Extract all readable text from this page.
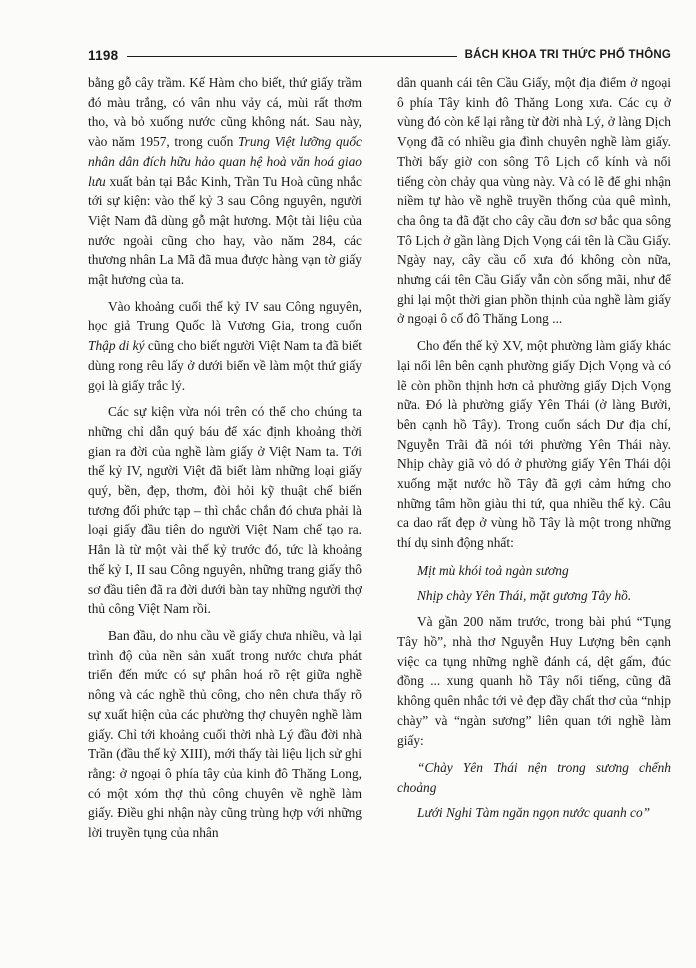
1198	BÁCH KHOA TRI THỨC PHỔ THÔNG

bằng gỗ cây trầm. Kế Hàm cho biết, thứ giấy trầm đó màu trắng, có vân nhu vảy cá, mùi rất thơm tho, và bỏ xuống nước cũng không nát. Sau này, vào năm 1957, trong cuốn Trung Việt lưỡng quốc nhân dân đích hữu hảo quan hệ hoà văn hoá giao lưu xuất bản tại Bắc Kinh, Trần Tu Hoà cũng nhắc tới sự kiện: vào thế kỷ 3 sau Công nguyên, người Việt Nam đã dùng gỗ mật hương. Một tài liệu của nước ngoài cũng cho hay, vào năm 284, các thương nhân La Mã đã mua được hàng vạn tờ giấy mật hương của ta.

Vào khoảng cuối thế kỷ IV sau Công nguyên, học giả Trung Quốc là Vương Gia, trong cuốn Thập di ký cũng cho biết người Việt Nam ta đã biết dùng rong rêu lấy ở dưới biển về làm một thứ giấy gọi là giấy trắc lý.

Các sự kiện vừa nói trên có thể cho chúng ta những chỉ dẫn quý báu để xác định khoảng thời gian ra đời của nghề làm giấy ở Việt Nam ta. Tới thế kỷ IV, người Việt đã biết làm những loại giấy quý, bền, đẹp, thơm, đòi hỏi kỹ thuật chế biến tương đối phức tạp – thì chắc chắn đó chưa phải là loại giấy đầu tiên do người Việt Nam chế tạo ra. Hẳn là từ một vài thế kỷ trước đó, tức là khoảng thế kỷ I, II sau Công nguyên, những trang giấy thô sơ đầu tiên đã ra đời dưới bàn tay những người thợ thủ công Việt Nam rồi.

Ban đầu, do nhu cầu về giấy chưa nhiều, và lại trình độ của nền sản xuất trong nước chưa phát triển đến mức có sự phân hoá rõ rệt giữa nghề nông và các nghề thủ công, cho nên chưa thấy rõ sự xuất hiện của các phường thợ chuyên nghề làm giấy. Chỉ tới khoảng cuối thời nhà Lý đầu đời nhà Trần (đầu thế kỷ XIII), mới thấy tài liệu lịch sử ghi rằng: ở ngoại ô phía tây của kinh đô Thăng Long, có một xóm thợ thủ công chuyên về nghề làm giấy. Điều ghi nhận này cũng trùng hợp với những lời truyền tụng của nhân

dân quanh cái tên Cầu Giấy, một địa điểm ở ngoại ô phía Tây kinh đô Thăng Long xưa. Các cụ ở vùng đó còn kể lại rằng từ đời nhà Lý, ở làng Dịch Vọng đã có nhiều gia đình chuyên nghề làm giấy. Thời bấy giờ con sông Tô Lịch cổ kính và nổi tiếng còn chảy qua vùng này. Và có lẽ để ghi nhận niềm tự hào về nghề truyền thống của quê mình, cha ông ta đã đặt cho cây cầu đơn sơ bắc qua sông Tô Lịch ở gần làng Dịch Vọng cái tên là Cầu Giấy. Ngày nay, cây cầu cổ xưa đó không còn nữa, nhưng cái tên Cầu Giấy vẫn còn sống mãi, như để ghi lại một thời gian phồn thịnh của nghề làm giấy ở ngoại ô cố đô Thăng Long ...

Cho đến thế kỷ XV, một phường làm giấy khác lại nổi lên bên cạnh phường giấy Dịch Vọng và có lẽ còn phồn thịnh hơn cả phường giấy Dịch Vọng nữa. Đó là phường giấy Yên Thái (ở làng Bưởi, bên cạnh hồ Tây). Trong cuốn sách Dư địa chí, Nguyễn Trãi đã nói tới phường Yên Thái này. Nhịp chày giã vỏ dó ở phường giấy Yên Thái dội xuống mặt nước hồ Tây đã gợi cảm hứng cho những tâm hồn giàu thi tứ, qua nhiều thế kỷ. Câu ca dao rất đẹp ở vùng hồ Tây là một trong những thí dụ sinh động nhất:

Mịt mù khói toả ngàn sương

Nhịp chày Yên Thái, mặt gương Tây hồ.

Và gần 200 năm trước, trong bài phú “Tụng Tây hồ”, nhà thơ Nguyễn Huy Lượng bên cạnh việc ca tụng những nghề đánh cá, dệt gấm, đúc đồng ... xung quanh hồ Tây nổi tiếng, cũng đã không quên nhắc tới vẻ đẹp đầy chất thơ của “nhịp chày” và “ngàn sương” liên quan tới nghề làm giấy:

“Chày Yên Thái nện trong sương chểnh choảng

Lưới Nghi Tàm ngăn ngọn nước quanh co”
